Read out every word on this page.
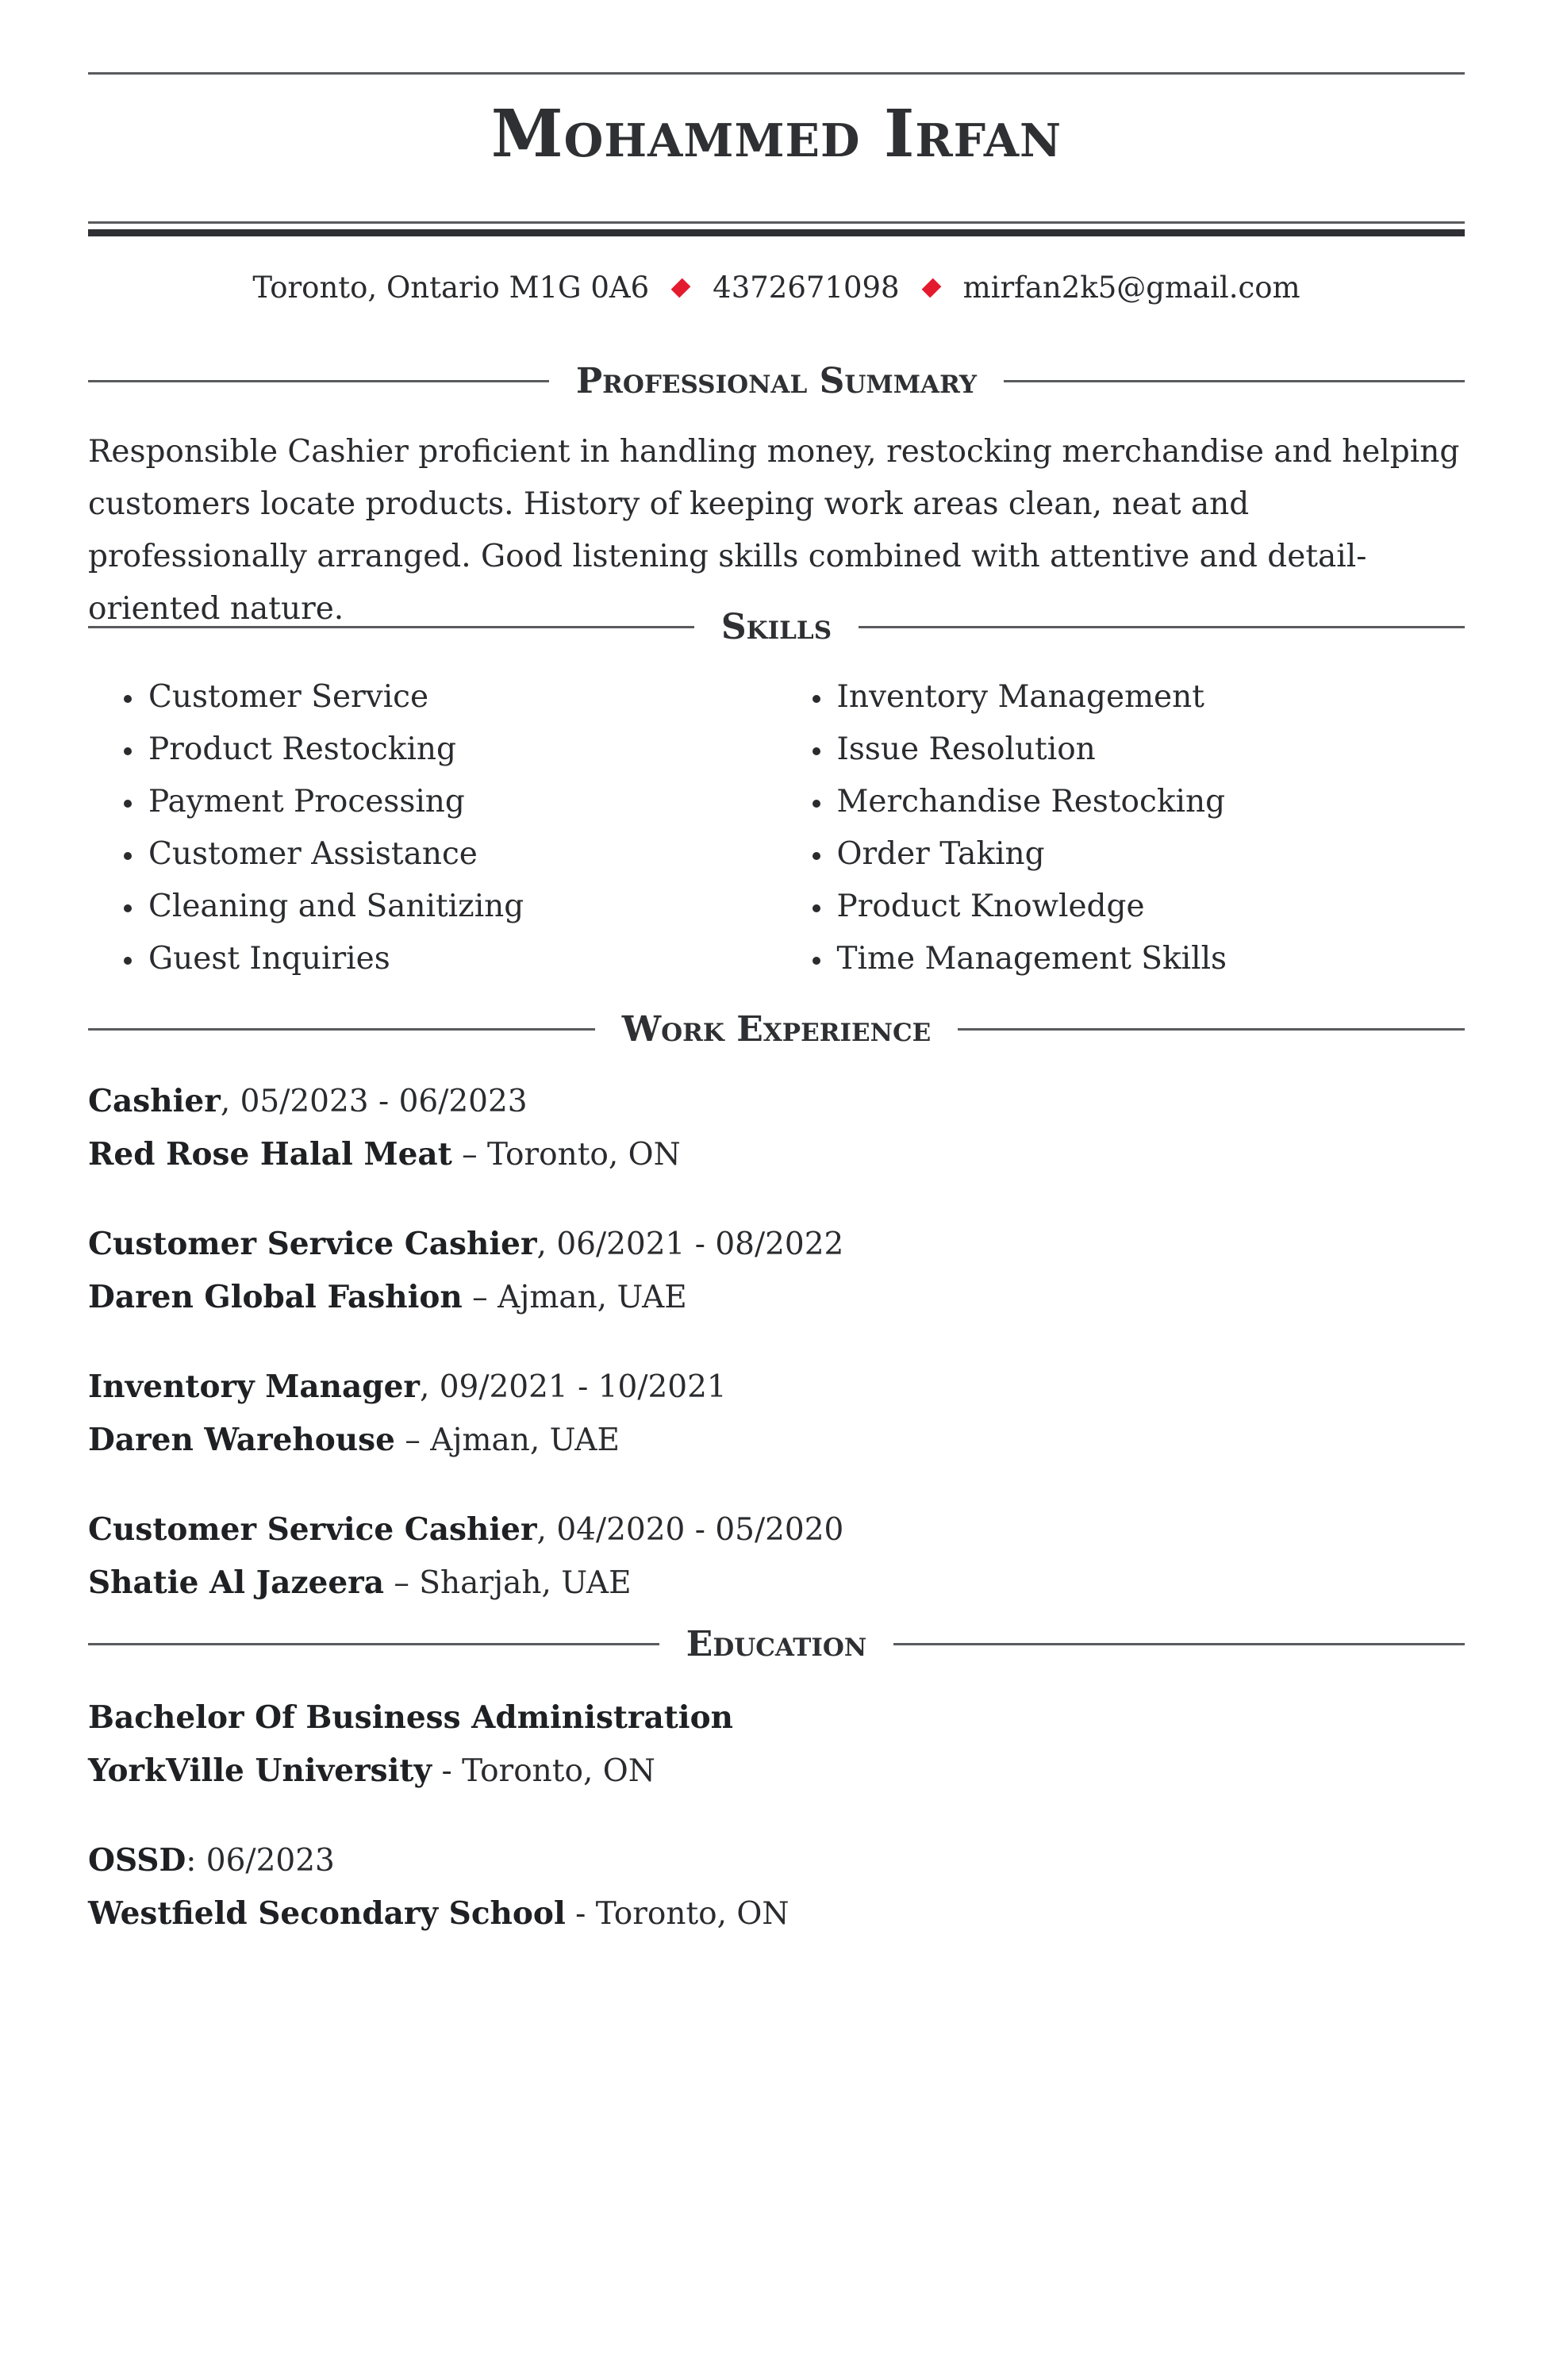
Mohammed Irfan
Toronto, Ontario M1G 0A6 4372671098 mirfan2k5@gmail.com
Professional Summary
Responsible Cashier proficient in handling money, restocking merchandise and helping customers locate products. History of keeping work areas clean, neat and professionally arranged. Good listening skills combined with attentive and detail-oriented nature.	Skills
Customer Service
Product Restocking
Payment Processing
Customer Assistance
Cleaning and Sanitizing
Guest Inquiries
Inventory Management
Issue Resolution
Merchandise Restocking
Order Taking
Product Knowledge
Time Management Skills
Work Experience
Cashier, 05/2023 - 06/2023
Red Rose Halal Meat – Toronto, ON
Customer Service Cashier, 06/2021 - 08/2022
Daren Global Fashion – Ajman, UAE
Inventory Manager, 09/2021 - 10/2021
Daren Warehouse – Ajman, UAE
Customer Service Cashier, 04/2020 - 05/2020
Shatie Al Jazeera – Sharjah, UAE
Education
Bachelor Of Business Administration
YorkVille University - Toronto, ON
OSSD: 06/2023
Westfield Secondary School - Toronto, ON
